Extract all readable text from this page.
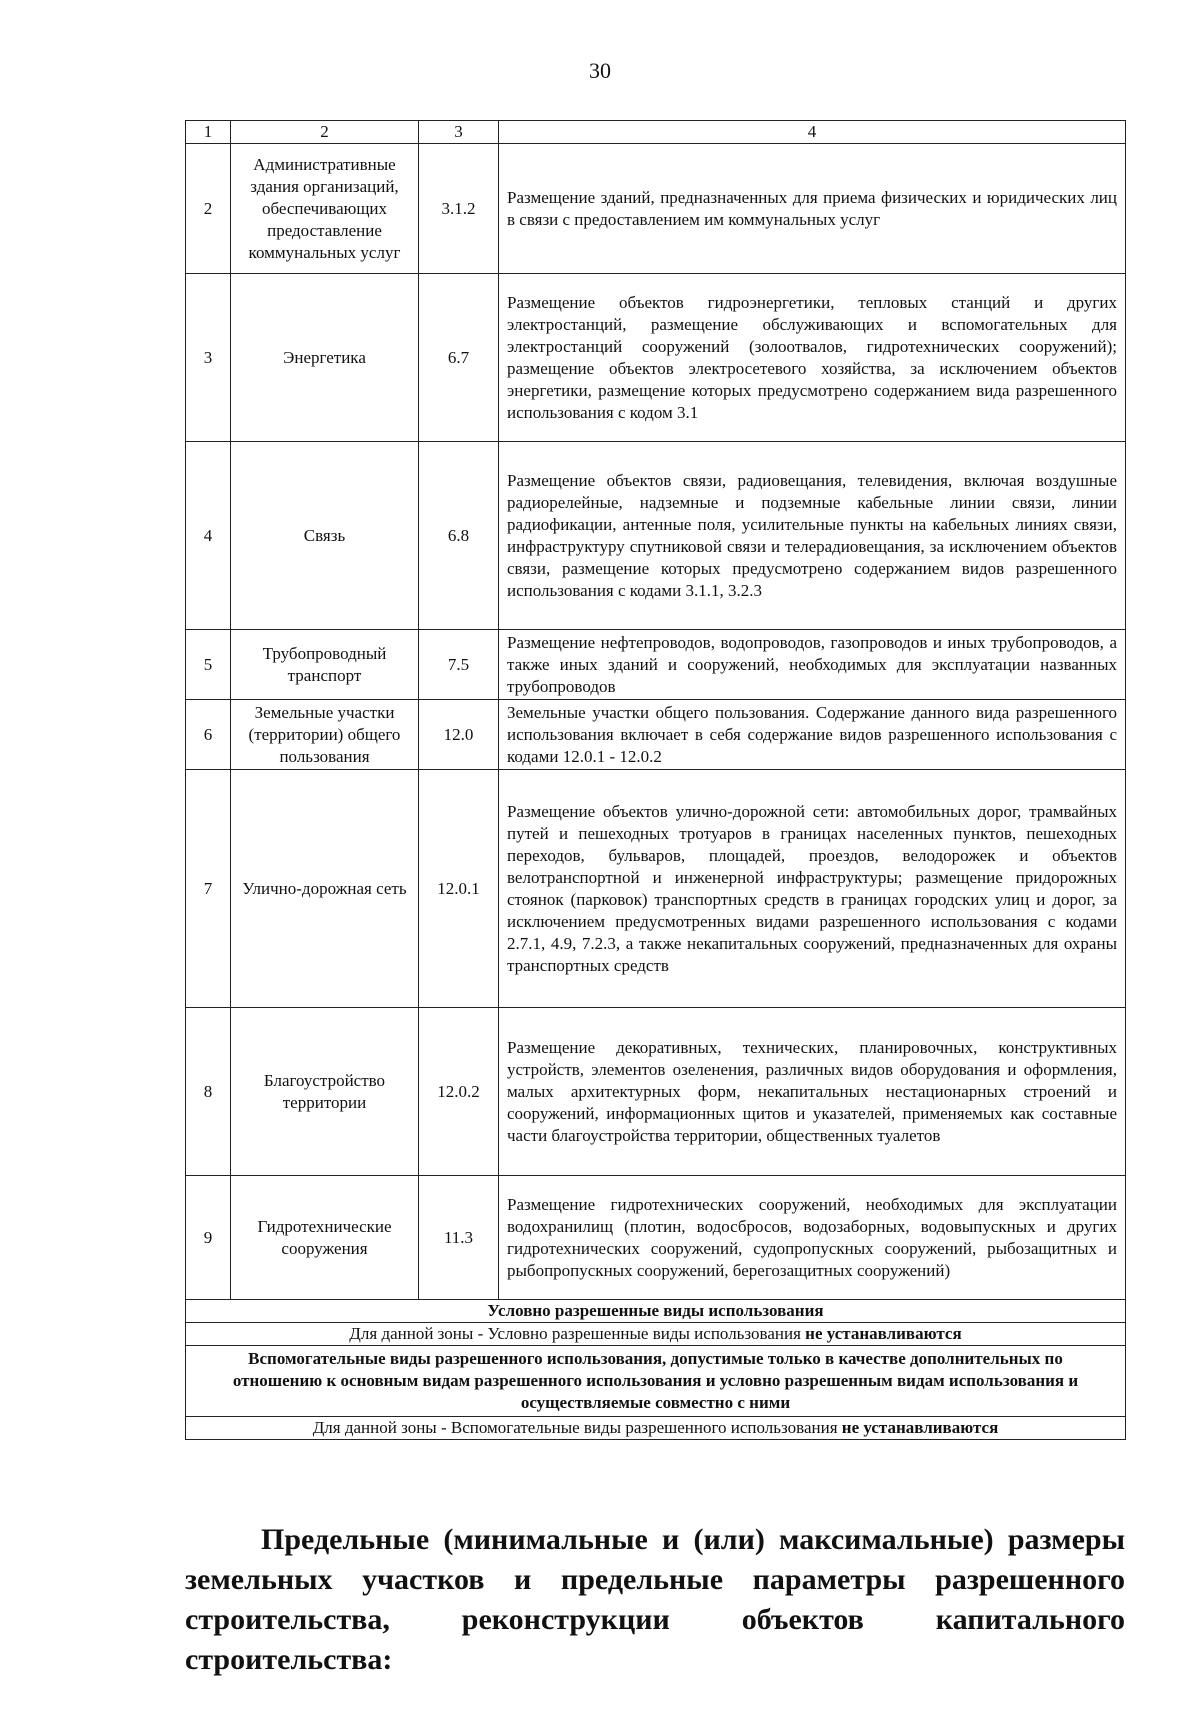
30
1	2	3	4
2	Административные здания организаций, обеспечивающих предоставление коммунальных услуг	3.1.2	Размещение зданий, предназначенных для приема физических и юридических лиц в связи с предоставлением им коммунальных услуг
3	Энергетика	6.7	Размещение объектов гидроэнергетики, тепловых станций и других электростанций, размещение обслуживающих и вспомогательных для электростанций сооружений (золоотвалов, гидротехнических сооружений); размещение объектов электросетевого хозяйства, за исключением объектов энергетики, размещение которых предусмотрено содержанием вида разрешенного использования с кодом 3.1
4	Связь	6.8	Размещение объектов связи, радиовещания, телевидения, включая воздушные радиорелейные, надземные и подземные кабельные линии связи, линии радиофикации, антенные поля, усилительные пункты на кабельных линиях связи, инфраструктуру спутниковой связи и телерадиовещания, за исключением объектов связи, размещение которых предусмотрено содержанием видов разрешенного использования с кодами 3.1.1, 3.2.3
5	Трубопроводный транспорт	7.5	Размещение нефтепроводов, водопроводов, газопроводов и иных трубопроводов, а также иных зданий и сооружений, необходимых для эксплуатации названных трубопроводов
6	Земельные участки (территории) общего пользования	12.0	Земельные участки общего пользования. Содержание данного вида разрешенного использования включает в себя содержание видов разрешенного использования с кодами 12.0.1 - 12.0.2
7	Улично-дорожная сеть	12.0.1	Размещение объектов улично-дорожной сети: автомобильных дорог, трамвайных путей и пешеходных тротуаров в границах населенных пунктов, пешеходных переходов, бульваров, площадей, проездов, велодорожек и объектов велотранспортной и инженерной инфраструктуры; размещение придорожных стоянок (парковок) транспортных средств в границах городских улиц и дорог, за исключением предусмотренных видами разрешенного использования с кодами 2.7.1, 4.9, 7.2.3, а также некапитальных сооружений, предназначенных для охраны транспортных средств
8	Благоустройство территории	12.0.2	Размещение декоративных, технических, планировочных, конструктивных устройств, элементов озеленения, различных видов оборудования и оформления, малых архитектурных форм, некапитальных нестационарных строений и сооружений, информационных щитов и указателей, применяемых как составные части благоустройства территории, общественных туалетов
9	Гидротехнические сооружения	11.3	Размещение гидротехнических сооружений, необходимых для эксплуатации водохранилищ (плотин, водосбросов, водозаборных, водовыпускных и других гидротехнических сооружений, судопропускных сооружений, рыбозащитных и рыбопропускных сооружений, берегозащитных сооружений)
Условно разрешенные виды использования			
Для данной зоны - Условно разрешенные виды использования не устанавливаются			
Вспомогательные виды разрешенного использования, допустимые только в качестве дополнительных по отношению к основным видам разрешенного использования и условно разрешенным видам использования и осуществляемые совместно с ними			
Для данной зоны - Вспомогательные виды разрешенного использования не устанавливаются			
Предельные (минимальные и (или) максимальные) размеры земельных участков и предельные параметры разрешенного строительства, реконструкции объектов капитального строительства:
